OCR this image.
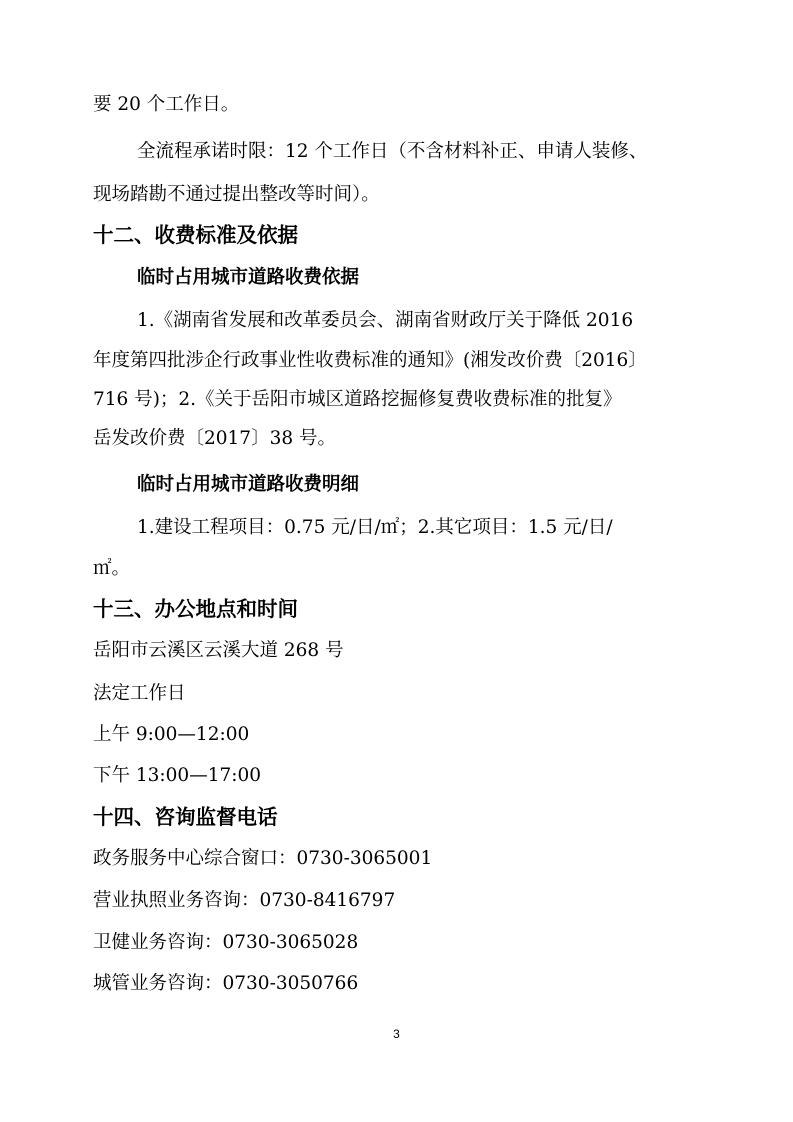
要 20 个工作日。
全流程承诺时限：12 个工作日（不含材料补正、申请人装修、
现场踏勘不通过提出整改等时间）。
十二、收费标准及依据
临时占用城市道路收费依据
1.《湖南省发展和改革委员会、湖南省财政厅关于降低 2016
年度第四批涉企行政事业性收费标准的通知》(湘发改价费〔2016〕
716 号)；2.《关于岳阳市城区道路挖掘修复费收费标准的批复》
岳发改价费〔2017〕38 号。
临时占用城市道路收费明细
1.建设工程项目：0.75 元/日/㎡；2.其它项目：1.5 元/日/
㎡。
十三、办公地点和时间
岳阳市云溪区云溪大道 268 号
法定工作日
上午 9:00—12:00
下午 13:00—17:00
十四、咨询监督电话
政务服务中心综合窗口：0730-3065001
营业执照业务咨询：0730-8416797
卫健业务咨询：0730-3065028
城管业务咨询：0730-3050766
3
